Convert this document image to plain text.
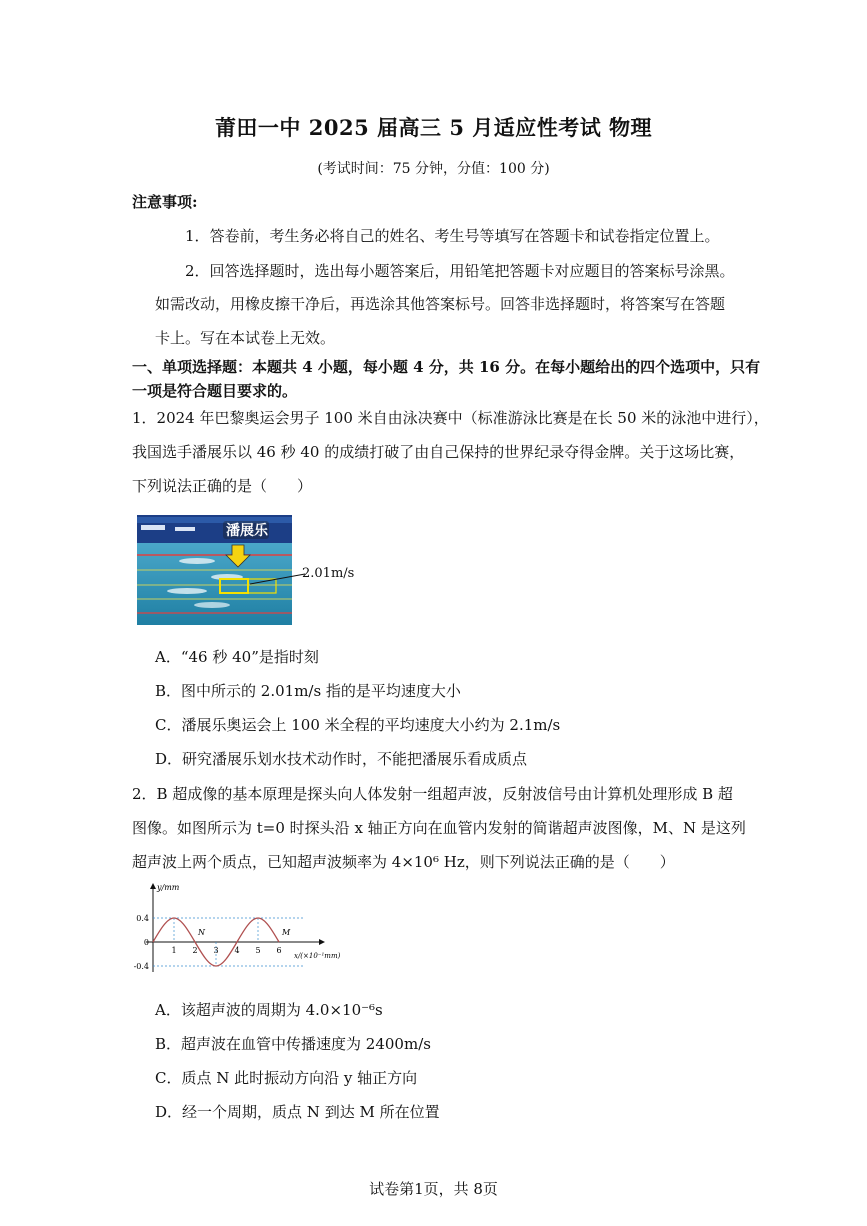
莆田一中 2025 届高三 5 月适应性考试 物理
(考试时间：75 分钟，分值：100 分)
注意事项:
1．答卷前，考生务必将自己的姓名、考生号等填写在答题卡和试卷指定位置上。
2．回答选择题时，选出每小题答案后，用铅笔把答题卡对应题目的答案标号涂黑。
如需改动，用橡皮擦干净后，再选涂其他答案标号。回答非选择题时，将答案写在答题
卡上。写在本试卷上无效。
一、单项选择题：本题共 4 小题，每小题 4 分，共 16 分。在每小题给出的四个选项中，只有
一项是符合题目要求的。
1．2024 年巴黎奥运会男子 100 米自由泳决赛中（标准游泳比赛是在长 50 米的泳池中进行），
我国选手潘展乐以 46 秒 40 的成绩打破了由自己保持的世界纪录夺得金牌。关于这场比赛，
下列说法正确的是（　　）
潘展乐
2.01m/s
A．“46 秒 40”是指时刻
B．图中所示的 2.01m/s 指的是平均速度大小
C．潘展乐奥运会上 100 米全程的平均速度大小约为 2.1m/s
D．研究潘展乐划水技术动作时，不能把潘展乐看成质点
2．B 超成像的基本原理是探头向人体发射一组超声波，反射波信号由计算机处理形成 B 超
图像。如图所示为 t=0 时探头沿 x 轴正方向在血管内发射的简谐超声波图像，M、N 是这列
超声波上两个质点，已知超声波频率为 4×10⁶ Hz，则下列说法正确的是（　　）
y/mm
x/(×10⁻¹mm)
0.4
0
-0.4
1 2 3 4 5 6
N	M
A．该超声波的周期为 4.0×10⁻⁶s
B．超声波在血管中传播速度为 2400m/s
C．质点 N 此时振动方向沿 y 轴正方向
D．经一个周期，质点 N 到达 M 所在位置
试卷第1页，共 8页
